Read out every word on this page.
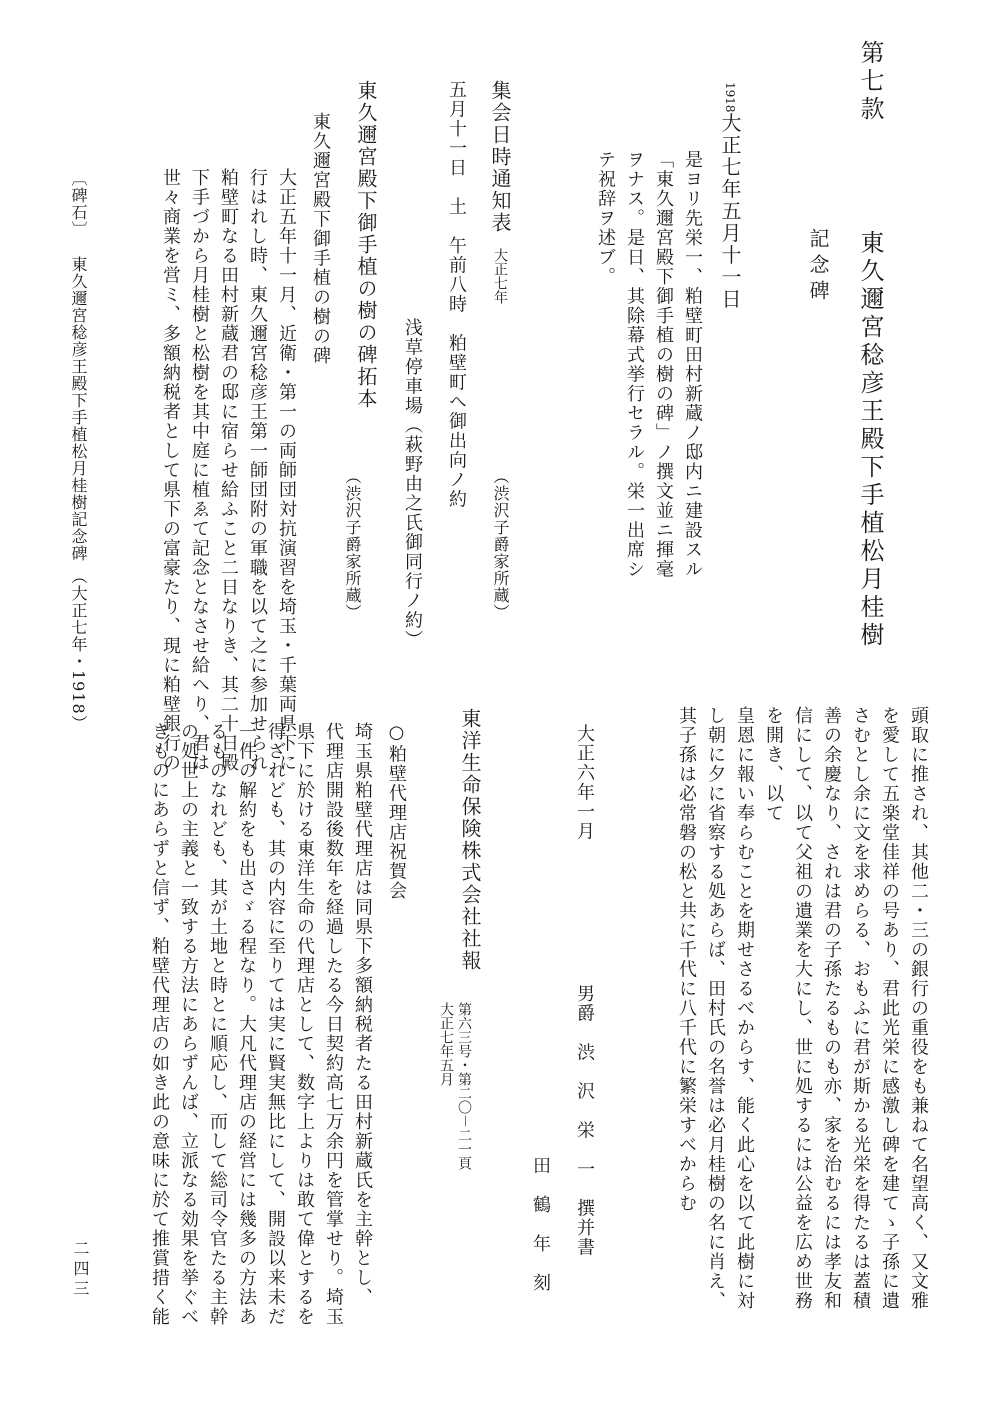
第七款
東久邇宮稔彦王殿下手植松月桂樹
記念碑
1918大正七年五月十一日
是ヨリ先栄一、粕壁町田村新蔵ノ邸内ニ建設スル
「東久邇宮殿下御手植の樹の碑」ノ撰文並ニ揮毫
ヲナス。是日、其除幕式挙行セラル。栄一出席シ
テ祝辞ヲ述ブ。
集会日時通知表
大正七年
（渋沢子爵家所蔵）
五月十一日　土　午前八時　粕壁町へ御出向ノ約
浅草停車場（萩野由之氏御同行ノ約）
東久邇宮殿下御手植の樹の碑拓本
（渋沢子爵家所蔵）
東久邇宮殿下御手植の樹の碑
大正五年十一月、近衛・第一の両師団対抗演習を埼玉・千葉両県下に
行はれし時、東久邇宮稔彦王第一師団附の軍職を以て之に参加せられ
粕壁町なる田村新蔵君の邸に宿らせ給ふこと二日なりき、其二十日殿
下手づから月桂樹と松樹を其中庭に植ゑて記念となさせ給へり、君は
世々商業を営ミ、多額納税者として県下の富豪たり、現に粕壁銀行の
〔碑石〕
東久邇宮稔彦王殿下手植松月桂樹記念碑
（大正七年・1918）
頭取に推され、其他二・三の銀行の重役をも兼ねて名望高く、又文雅
を愛して五楽堂佳祥の号あり、君此光栄に感激し碑を建てゝ子孫に遺
さむとし余に文を求めらる、おもふに君が斯かる光栄を得たるは蓋積
善の余慶なり、されは君の子孫たるものも亦、家を治むるには孝友和
信にして、以て父祖の遺業を大にし、世に処するには公益を広め世務
を開き、以て
皇恩に報い奉らむことを期せさるべからす、能く此心を以て此樹に対
し朝に夕に省察する処あらば、田村氏の名誉は必月桂樹の名に肖え、
其子孫は必常磐の松と共に千代に八千代に繁栄すべからむ
大正六年一月
男爵　渋　沢　栄　一　撰并書
田　鶴　年　刻
東洋生命保険株式会社社報
第六三号・第二〇－二一頁
大正七年五月
○粕壁代理店祝賀会
埼玉県粕壁代理店は同県下多額納税者たる田村新蔵氏を主幹とし、
代理店開設後数年を経過したる今日契約高七万余円を管掌せり。埼玉
県下に於ける東洋生命の代理店として、数字上よりは敢て偉とするを
得ざれども、其の内容に至りては実に賢実無比にして、開設以来未だ
一件の解約をも出さゞる程なり。大凡代理店の経営には幾多の方法あ
るものなれども、其が土地と時とに順応し、而して総司令官たる主幹
の処世上の主義と一致する方法にあらずんば、立派なる効果を挙ぐべ
きものにあらずと信ず、粕壁代理店の如き此の意味に於て推賞措く能
二四三
